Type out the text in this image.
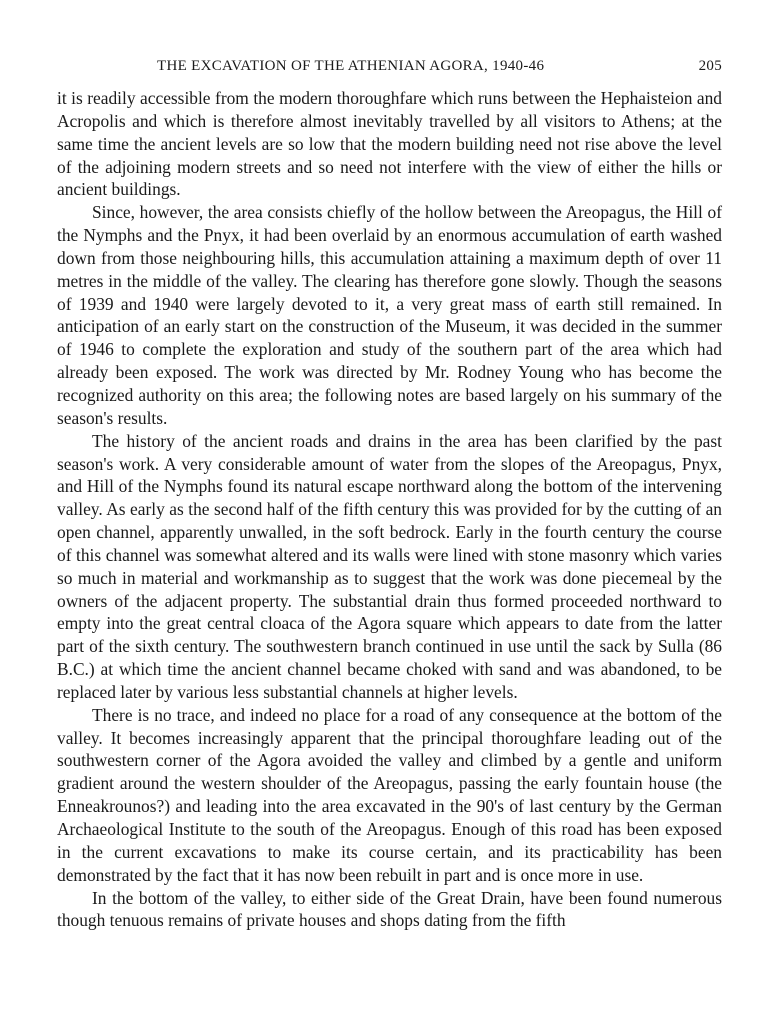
THE EXCAVATION OF THE ATHENIAN AGORA, 1940-46	205

it is readily accessible from the modern thoroughfare which runs between the Hephaisteion and Acropolis and which is therefore almost inevitably travelled by all visitors to Athens; at the same time the ancient levels are so low that the modern building need not rise above the level of the adjoining modern streets and so need not interfere with the view of either the hills or ancient buildings.

Since, however, the area consists chiefly of the hollow between the Areopagus, the Hill of the Nymphs and the Pnyx, it had been overlaid by an enormous accumulation of earth washed down from those neighbouring hills, this accumulation attaining a maximum depth of over 11 metres in the middle of the valley. The clearing has therefore gone slowly. Though the seasons of 1939 and 1940 were largely devoted to it, a very great mass of earth still remained. In anticipation of an early start on the construction of the Museum, it was decided in the summer of 1946 to complete the exploration and study of the southern part of the area which had already been exposed. The work was directed by Mr. Rodney Young who has become the recognized authority on this area; the following notes are based largely on his summary of the season's results.

The history of the ancient roads and drains in the area has been clarified by the past season's work. A very considerable amount of water from the slopes of the Areopagus, Pnyx, and Hill of the Nymphs found its natural escape northward along the bottom of the intervening valley. As early as the second half of the fifth century this was provided for by the cutting of an open channel, apparently unwalled, in the soft bedrock. Early in the fourth century the course of this channel was somewhat altered and its walls were lined with stone masonry which varies so much in material and workmanship as to suggest that the work was done piecemeal by the owners of the adjacent property. The substantial drain thus formed proceeded northward to empty into the great central cloaca of the Agora square which appears to date from the latter part of the sixth century. The southwestern branch continued in use until the sack by Sulla (86 B.C.) at which time the ancient channel became choked with sand and was abandoned, to be replaced later by various less substantial channels at higher levels.

There is no trace, and indeed no place for a road of any consequence at the bottom of the valley. It becomes increasingly apparent that the principal thoroughfare leading out of the southwestern corner of the Agora avoided the valley and climbed by a gentle and uniform gradient around the western shoulder of the Areopagus, passing the early fountain house (the Enneakrounos?) and leading into the area excavated in the 90's of last century by the German Archaeological Institute to the south of the Areopagus. Enough of this road has been exposed in the current excavations to make its course certain, and its practicability has been demonstrated by the fact that it has now been rebuilt in part and is once more in use.

In the bottom of the valley, to either side of the Great Drain, have been found numerous though tenuous remains of private houses and shops dating from the fifth
